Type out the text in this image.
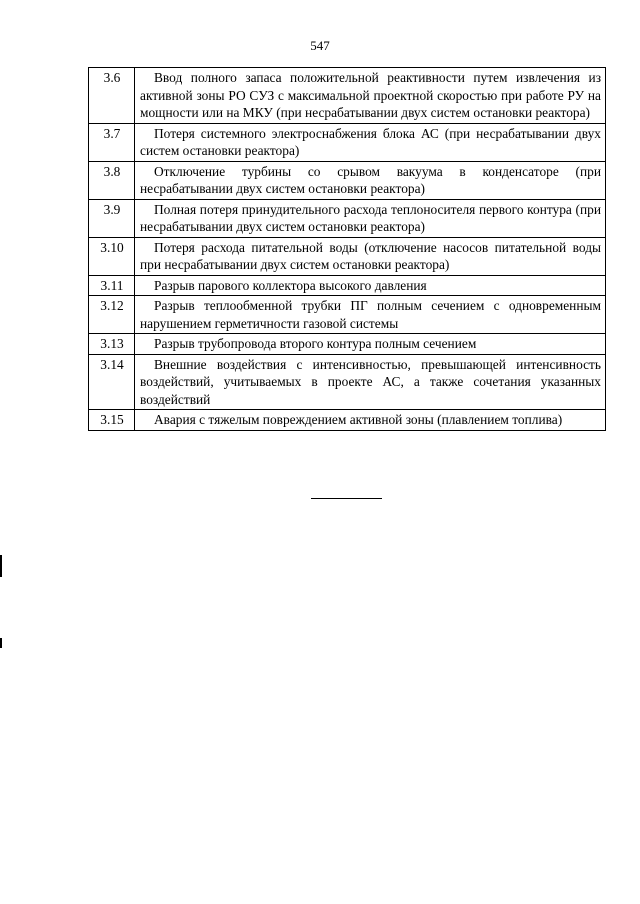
547
3.6	Ввод полного запаса положительной реактивности путем извлечения из активной зоны РО СУЗ с максимальной проектной скоростью при работе РУ на мощности или на МКУ (при несрабатывании двух систем остановки реактора)
3.7	Потеря системного электроснабжения блока АС (при несрабатывании двух систем остановки реактора)
3.8	Отключение турбины со срывом вакуума в конденсаторе (при несрабатывании двух систем остановки реактора)
3.9	Полная потеря принудительного расхода теплоносителя первого контура (при несрабатывании двух систем остановки реактора)
3.10	Потеря расхода питательной воды (отключение насосов питательной воды при несрабатывании двух систем остановки реактора)
3.11	Разрыв парового коллектора высокого давления
3.12	Разрыв теплообменной трубки ПГ полным сечением с одновременным нарушением герметичности газовой системы
3.13	Разрыв трубопровода второго контура полным сечением
3.14	Внешние воздействия с интенсивностью, превышающей интенсивность воздействий, учитываемых в проекте АС, а также сочетания указанных воздействий
3.15	Авария с тяжелым повреждением активной зоны (плавлением топлива)
